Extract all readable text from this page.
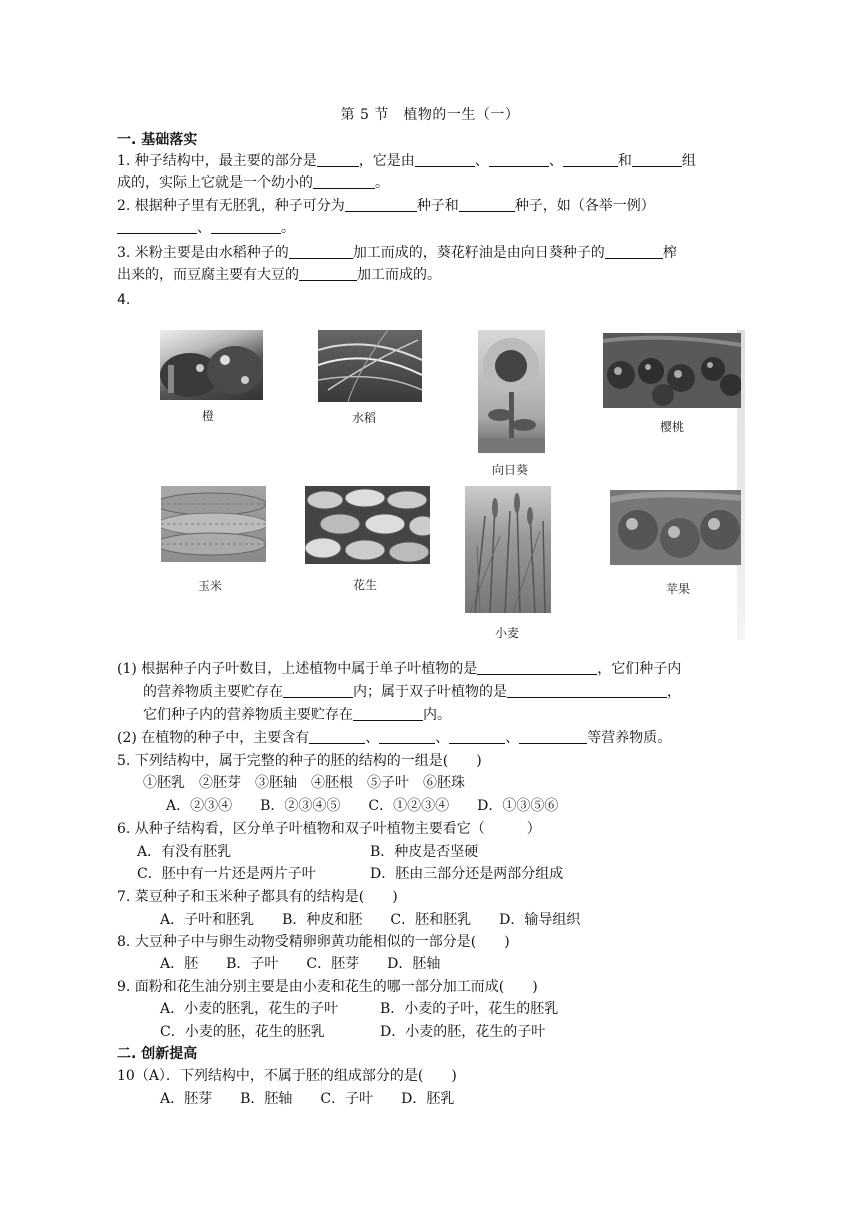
第 5 节　植物的一生（一）
一. 基础落实
1. 种子结构中，最主要的部分是	，它是由	、	、	和	组
成的，实际上它就是一个幼小的	。
2. 根据种子里有无胚乳，种子可分为	种子和	种子，如（各举一例）
、	。
3. 米粉主要是由水稻种子的	加工而成的，葵花籽油是由向日葵种子的	榨
出来的，而豆腐主要有大豆的	加工而成的。
4.
橙	水稻
向日葵
樱桃
玉米	花生
小麦
苹果
(1) 根据种子内子叶数目，上述植物中属于单子叶植物的是	，它们种子内
的营养物质主要贮存在	内；属于双子叶植物的是	，
它们种子内的营养物质主要贮存在	内。
(2) 在植物的种子中，主要含有	、	、	、	等营养物质。
5. 下列结构中，属于完整的种子的胚的结构的一组是(　　)
①胚乳　②胚芽　③胚轴　④胚根　⑤子叶　⑥胚珠
A．②③④　　B．②③④⑤　　C．①②③④　　D．①③⑤⑥
6. 从种子结构看，区分单子叶植物和双子叶植物主要看它（　　　）
A．有没有胚乳	B．种皮是否坚硬
C．胚中有一片还是两片子叶	D．胚由三部分还是两部分组成
7. 菜豆种子和玉米种子都具有的结构是(　　)
A．子叶和胚乳　　B．种皮和胚　　C．胚和胚乳　　D．输导组织
8. 大豆种子中与卵生动物受精卵卵黄功能相似的一部分是(　　)
A．胚　　B．子叶　　C．胚芽　　D．胚轴
9. 面粉和花生油分别主要是由小麦和花生的哪一部分加工而成(　　)
A．小麦的胚乳，花生的子叶	B．小麦的子叶，花生的胚乳
C．小麦的胚，花生的胚乳	D．小麦的胚，花生的子叶
二. 创新提高
10（A）．下列结构中，不属于胚的组成部分的是(　　)
A．胚芽　　B．胚轴　　C．子叶　　D．胚乳
